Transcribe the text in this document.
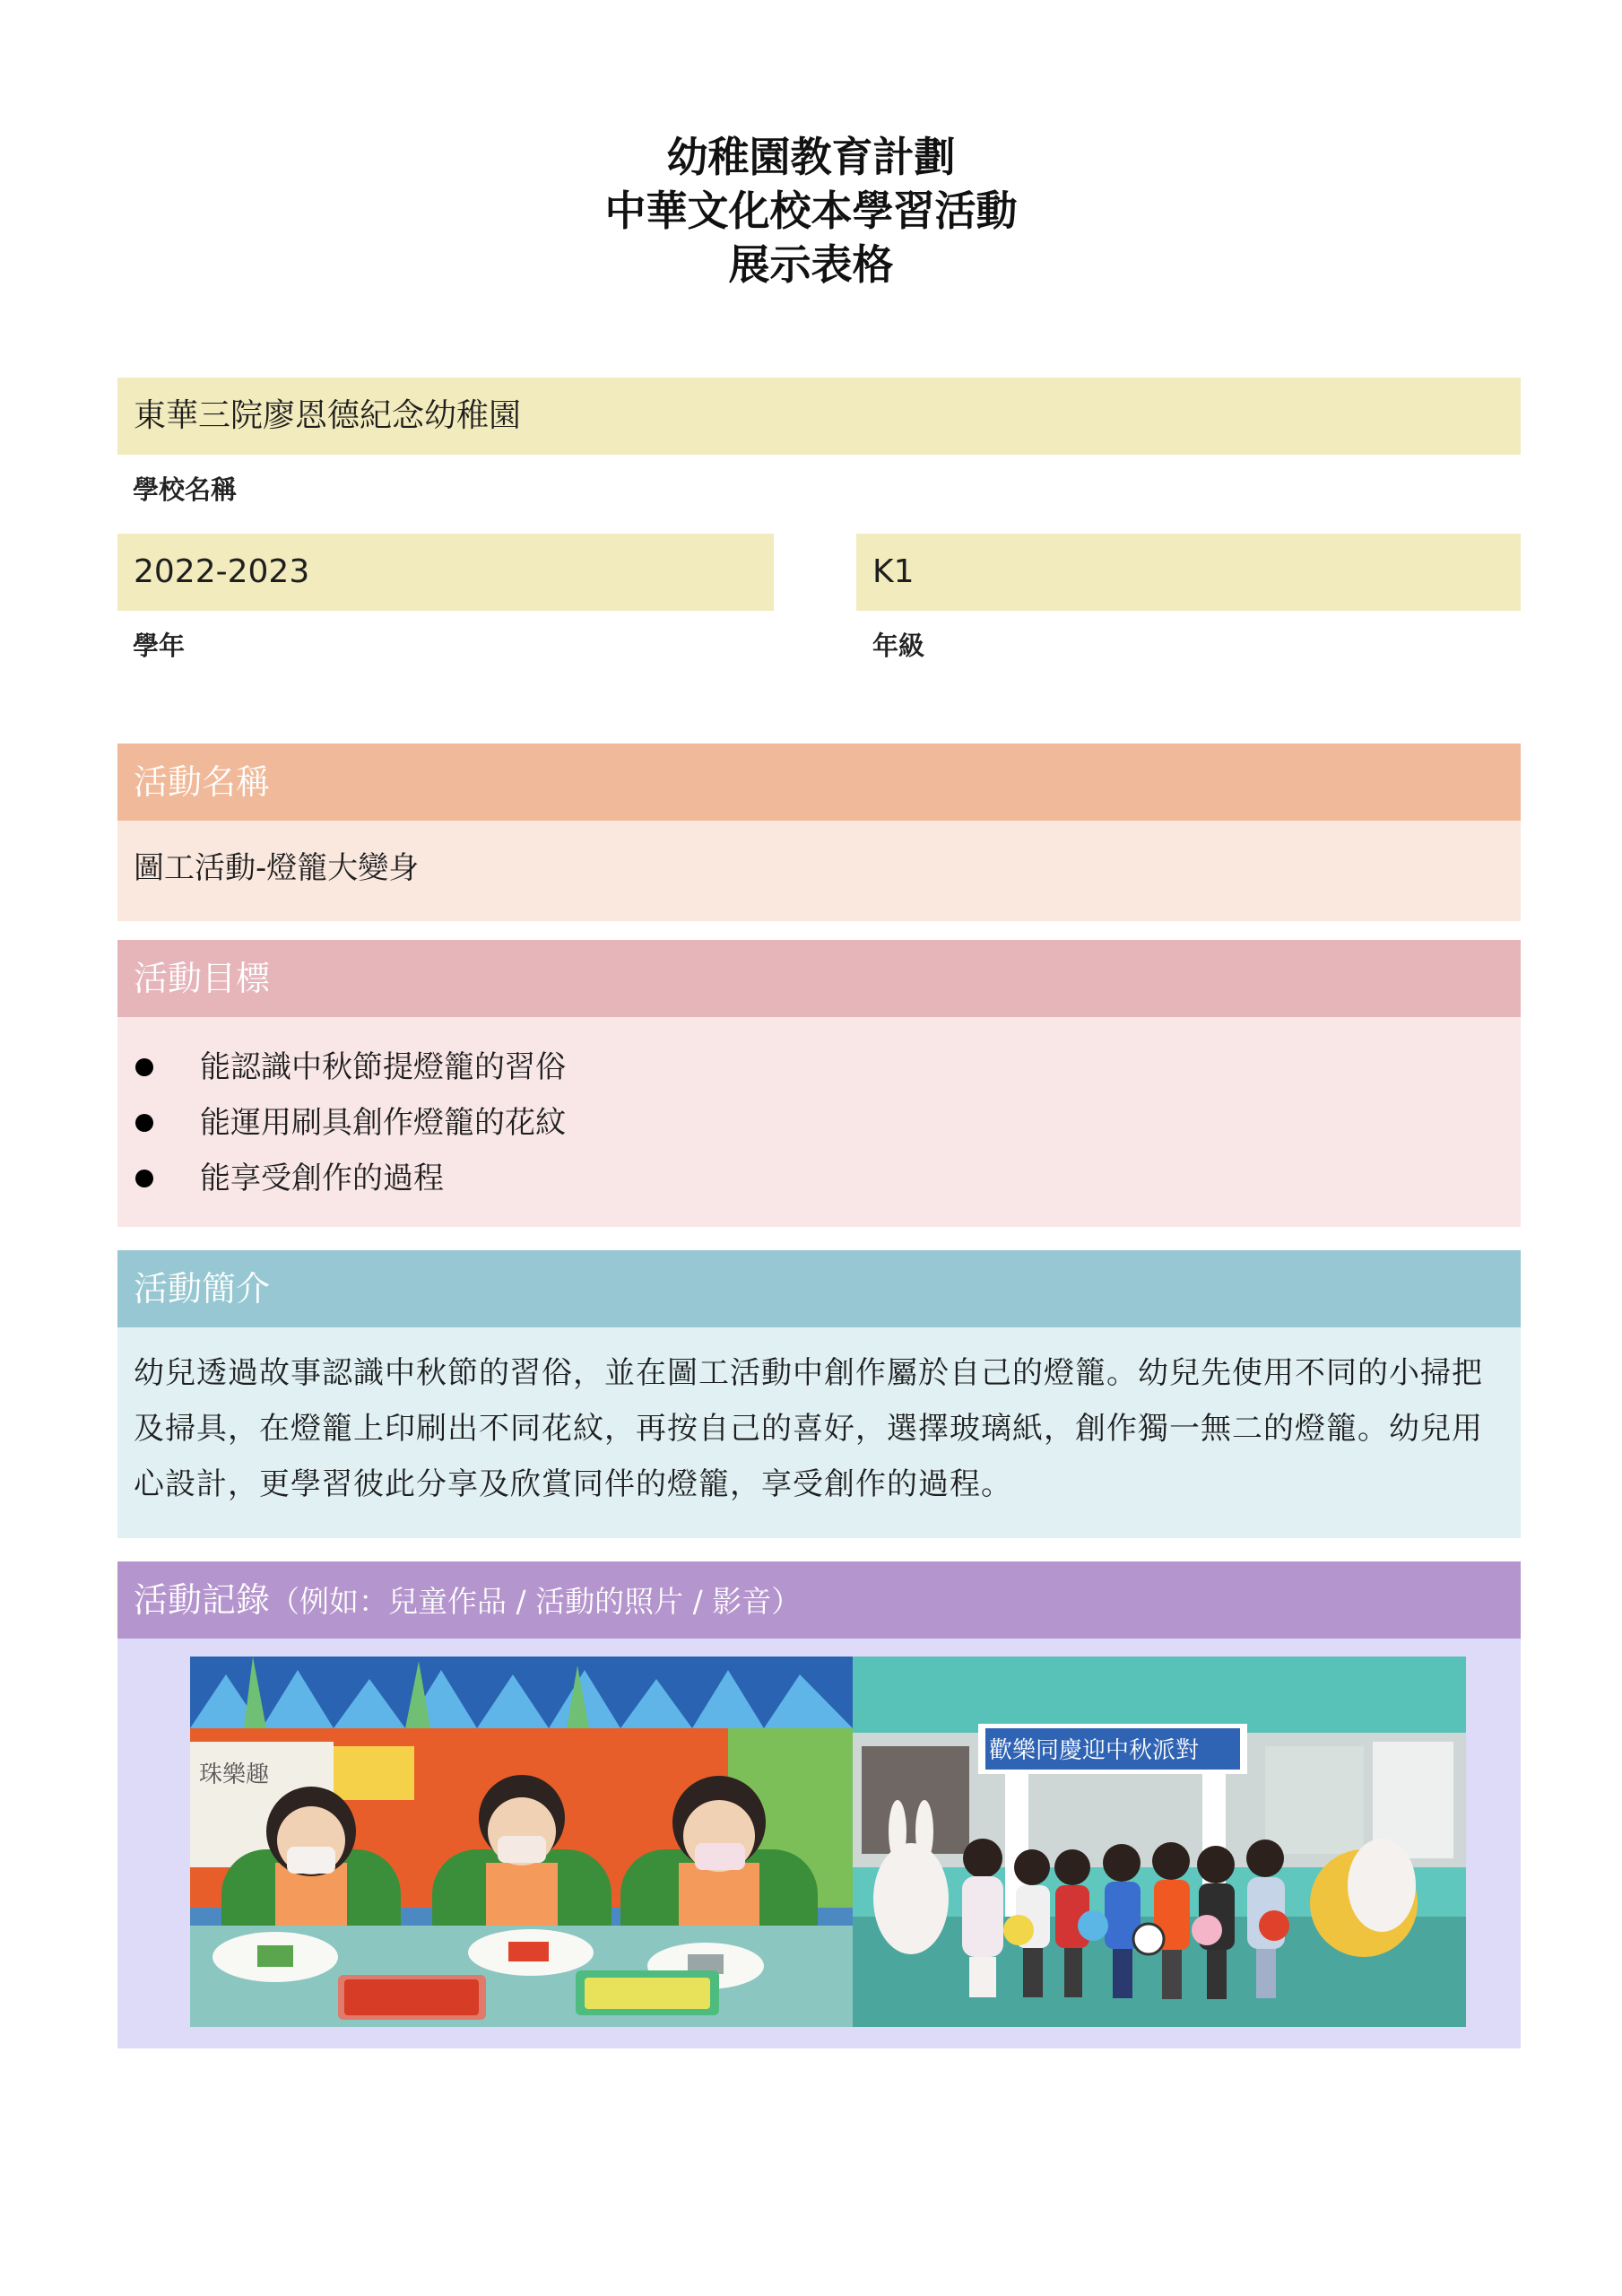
幼稚園教育計劃
中華文化校本學習活動
展示表格
東華三院廖恩德紀念幼稚園
學校名稱
2022-2023
學年
K1
年級
活動名稱
圖工活動-燈籠大變身
活動目標
能認識中秋節提燈籠的習俗
能運用刷具創作燈籠的花紋
能享受創作的過程
活動簡介
幼兒透過故事認識中秋節的習俗，並在圖工活動中創作屬於自己的燈籠。幼兒先使用不同的小掃把及掃具，在燈籠上印刷出不同花紋，再按自己的喜好，選擇玻璃紙，創作獨一無二的燈籠。幼兒用心設計，更學習彼此分享及欣賞同伴的燈籠，享受創作的過程。
活動記錄（例如：兒童作品 / 活動的照片 / 影音）
珠樂趣
歡樂同慶迎中秋派對
